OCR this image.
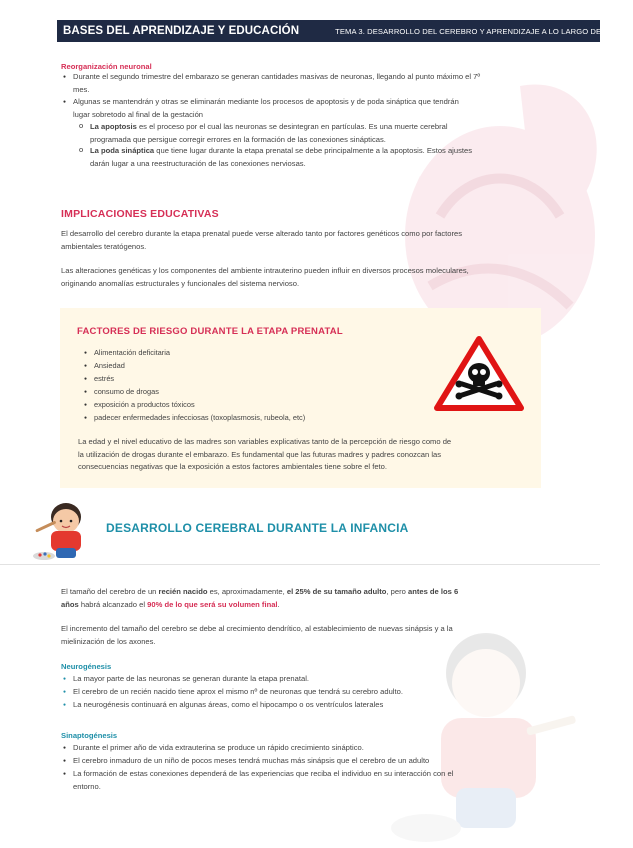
BASES DEL APRENDIZAJE Y EDUCACIÓN	TEMA 3. DESARROLLO DEL CEREBRO Y APRENDIZAJE A LO LARGO DE LA VIDA
Reorganización neuronal
● Durante el segundo trimestre del embarazo se generan cantidades masivas de neuronas, llegando al punto máximo el 7º
mes.
● Algunas se mantendrán y otras se eliminarán mediante los procesos de apoptosis y de poda sináptica que tendrán
lugar sobretodo al final de la gestación
o La apoptosis es el proceso por el cual las neuronas se desintegran en partículas. Es una muerte cerebral
programada que persigue corregir errores en la formación de las conexiones sinápticas.
o La poda sináptica que tiene lugar durante la etapa prenatal se debe principalmente a la apoptosis. Estos ajustes
darán lugar a una reestructuración de las conexiones nerviosas.
IMPLICACIONES EDUCATIVAS
El desarrollo del cerebro durante la etapa prenatal puede verse alterado tanto por factores genéticos como por factores
ambientales teratógenos.
Las alteraciones genéticas y los componentes del ambiente intrauterino pueden influir en diversos procesos moleculares,
originando anomalías estructurales y funcionales del sistema nervioso.
FACTORES DE RIESGO DURANTE LA ETAPA PRENATAL
● Alimentación deficitaria
● Ansiedad
● estrés
● consumo de drogas
● exposición a productos tóxicos
● padecer enfermedades infecciosas (toxoplasmosis, rubeola, etc)
La edad y el nivel educativo de las madres son variables explicativas tanto de la percepción de riesgo como de
la utilización de drogas durante el embarazo. Es fundamental que las futuras madres y padres conozcan las
consecuencias negativas que la exposición a estos factores ambientales tiene sobre el feto.
DESARROLLO CEREBRAL DURANTE LA INFANCIA
El tamaño del cerebro de un recién nacido es, aproximadamente, el 25% de su tamaño adulto, pero antes de los 6
años habrá alcanzado el 90% de lo que será su volumen final.
El incremento del tamaño del cerebro se debe al crecimiento dendrítico, al establecimiento de nuevas sinápsis y a la
mielinización de los axones.
Neurogénesis
● La mayor parte de las neuronas se generan durante la etapa prenatal.
● El cerebro de un recién nacido tiene aprox el mismo nº de neuronas que tendrá su cerebro adulto.
● La neurogénesis continuará en algunas áreas, como el hipocampo o os ventrículos laterales
Sinaptogénesis
● Durante el primer año de vida extrauterina se produce un rápido crecimiento sináptico.
● El cerebro inmaduro de un niño de pocos meses tendrá muchas más sinápsis que el cerebro de un adulto
● La formación de estas conexiones dependerá de las experiencias que reciba el individuo en su interacción con el
entorno.
